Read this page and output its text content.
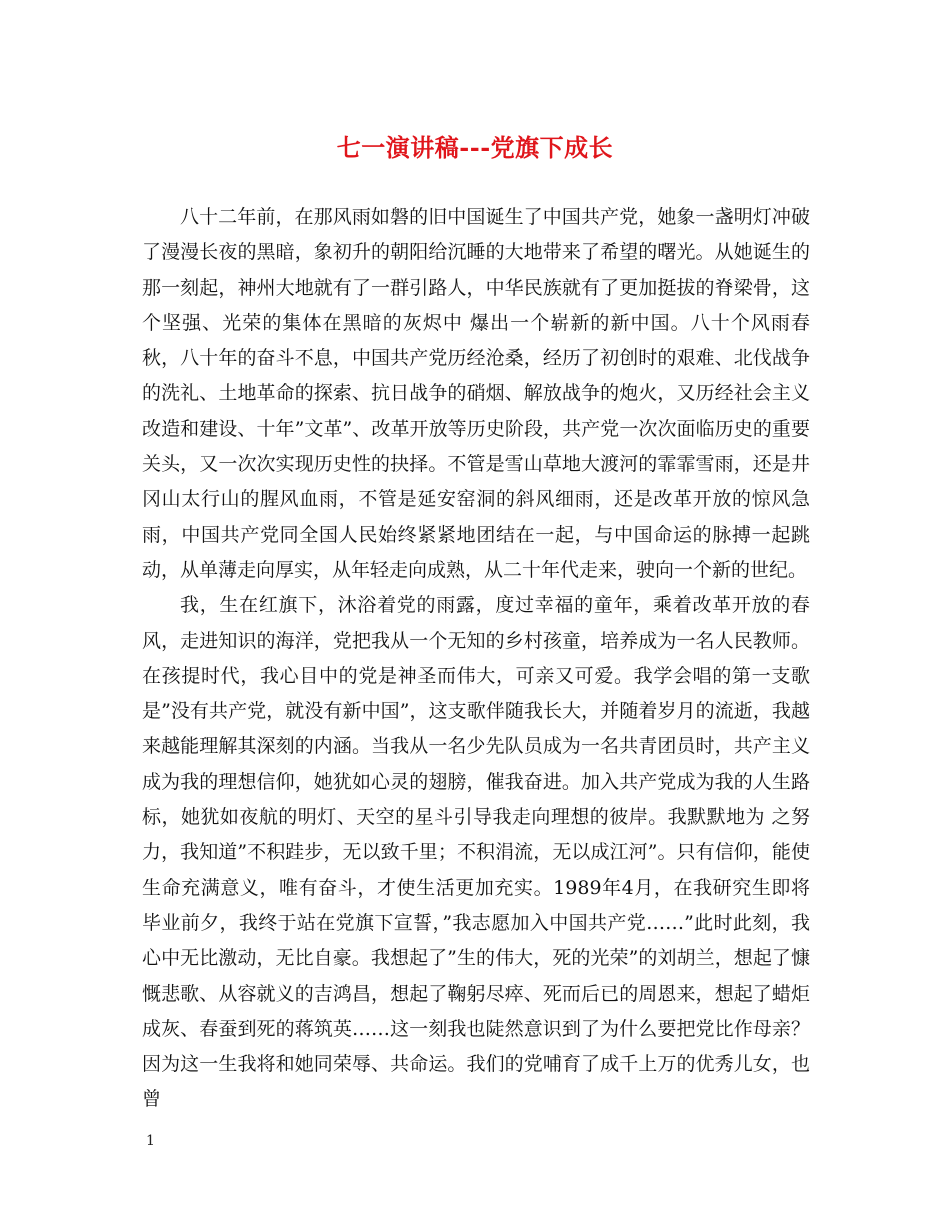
七一演讲稿---党旗下成长

八十二年前，在那风雨如磐的旧中国诞生了中国共产党，她象一盏明灯冲破了漫漫长夜的黑暗，象初升的朝阳给沉睡的大地带来了希望的曙光。从她诞生的那一刻起，神州大地就有了一群引路人，中华民族就有了更加挺拔的脊梁骨，这个坚强、光荣的集体在黑暗的灰烬中 爆出一个崭新的新中国。八十个风雨春秋，八十年的奋斗不息，中国共产党历经沧桑，经历了初创时的艰难、北伐战争的洗礼、土地革命的探索、抗日战争的硝烟、解放战争的炮火，又历经社会主义改造和建设、十年”文革”、改革开放等历史阶段，共产党一次次面临历史的重要关头，又一次次实现历史性的抉择。不管是雪山草地大渡河的霏霏雪雨，还是井冈山太行山的腥风血雨，不管是延安窑洞的斜风细雨，还是改革开放的惊风急雨，中国共产党同全国人民始终紧紧地团结在一起，与中国命运的脉搏一起跳动，从单薄走向厚实，从年轻走向成熟，从二十年代走来，驶向一个新的世纪。

我，生在红旗下，沐浴着党的雨露，度过幸福的童年，乘着改革开放的春风，走进知识的海洋，党把我从一个无知的乡村孩童，培养成为一名人民教师。在孩提时代，我心目中的党是神圣而伟大，可亲又可爱。我学会唱的第一支歌是”没有共产党，就没有新中国”，这支歌伴随我长大，并随着岁月的流逝，我越来越能理解其深刻的内涵。当我从一名少先队员成为一名共青团员时，共产主义成为我的理想信仰，她犹如心灵的翅膀，催我奋进。加入共产党成为我的人生路标，她犹如夜航的明灯、天空的星斗引导我走向理想的彼岸。我默默地为 之努力，我知道”不积跬步，无以致千里；不积涓流，无以成江河”。只有信仰，能使生命充满意义，唯有奋斗，才使生活更加充实。1989年4月，在我研究生即将毕业前夕，我终于站在党旗下宣誓，”我志愿加入中国共产党……”此时此刻，我心中无比激动，无比自豪。我想起了”生的伟大，死的光荣”的刘胡兰，想起了慷慨悲歌、从容就义的吉鸿昌，想起了鞠躬尽瘁、死而后已的周恩来，想起了蜡炬成灰、春蚕到死的蒋筑英……这一刻我也陡然意识到了为什么要把党比作母亲？因为这一生我将和她同荣辱、共命运。我们的党哺育了成千上万的优秀儿女，也曾

1
